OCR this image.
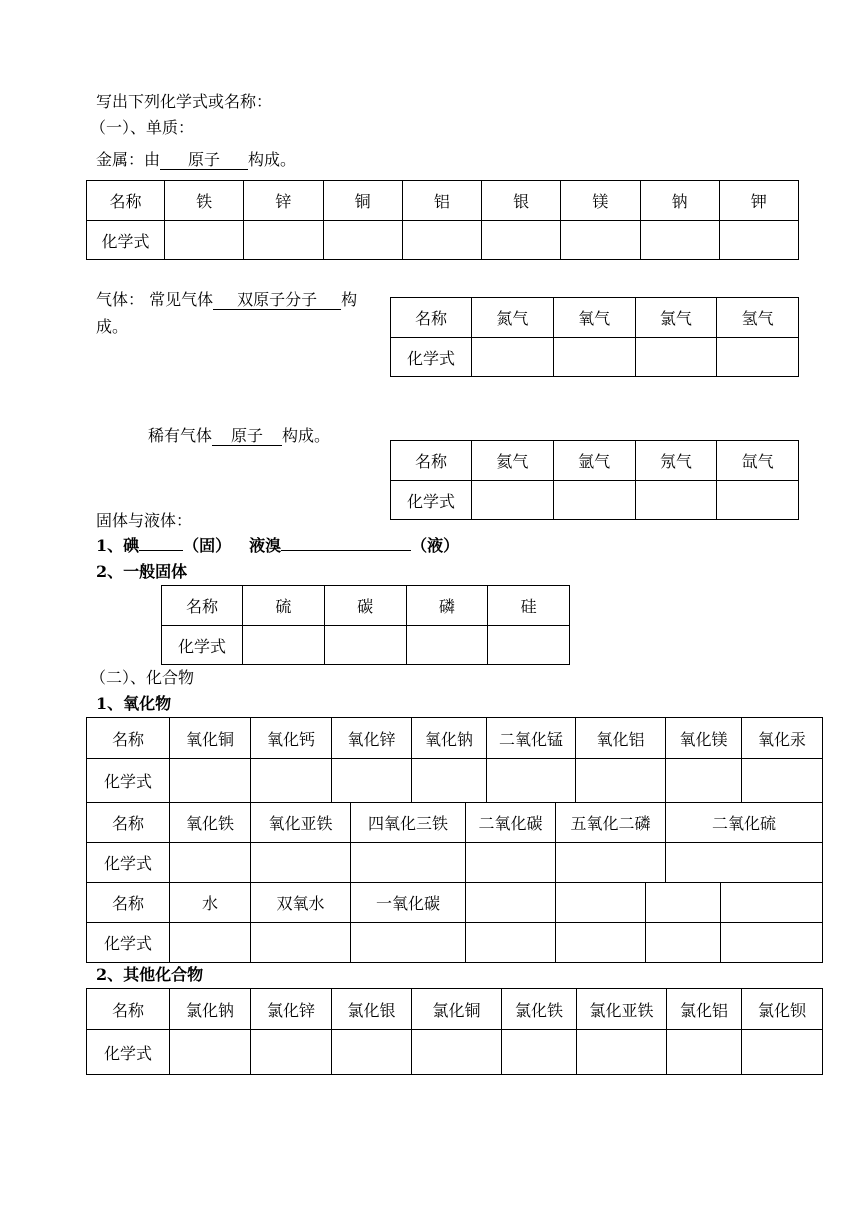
写出下列化学式或名称：
（一）、单质：
金属：由 原子 构成。
名称	铁	锌	铜	铝	银	镁	钠	钾
化学式								
气体： 常见气体 双原子分子 构
成。	名称	氮气	氧气	氯气	氢气
化学式				
稀有气体 原子 构成。
名称	氦气	氩气	氖气	氙气
化学式				
固体与液体：
1、碘	（固） 液溴	（液）
2、一般固体
名称	硫	碳	磷	硅
化学式				
（二）、化合物
1、氧化物
名称	氧化铜	氧化钙	氧化锌	氧化钠	二氧化锰	氧化铝	氧化镁	氧化汞
化学式								
名称	氧化铁	氧化亚铁	四氧化三铁	二氧化碳	五氧化二磷	二氧化硫
化学式						
名称	水	双氧水	一氧化碳				
化学式							
2、其他化合物
名称	氯化钠	氯化锌	氯化银	氯化铜	氯化铁	氯化亚铁	氯化铝	氯化钡
化学式								
